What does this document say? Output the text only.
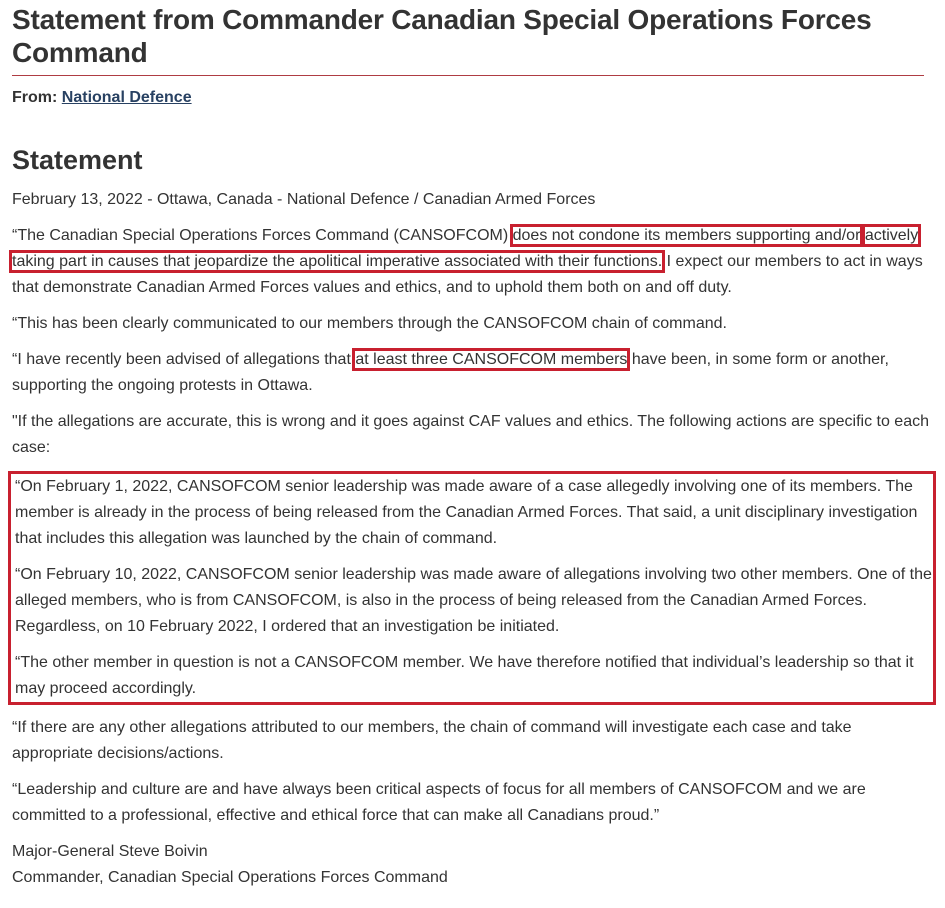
Statement from Commander Canadian Special Operations Forces Command
From: National Defence
Statement
February 13, 2022 - Ottawa, Canada - National Defence / Canadian Armed Forces

“The Canadian Special Operations Forces Command (CANSOFCOM) does not condone its members supporting and/or actively taking part in causes that jeopardize the apolitical imperative associated with their functions. I expect our members to act in ways that demonstrate Canadian Armed Forces values and ethics, and to uphold them both on and off duty.

“This has been clearly communicated to our members through the CANSOFCOM chain of command.

“I have recently been advised of allegations that at least three CANSOFCOM members have been, in some form or another, supporting the ongoing protests in Ottawa.

"If the allegations are accurate, this is wrong and it goes against CAF values and ethics. The following actions are specific to each case:

“On February 1, 2022, CANSOFCOM senior leadership was made aware of a case allegedly involving one of its members. The member is already in the process of being released from the Canadian Armed Forces. That said, a unit disciplinary investigation that includes this allegation was launched by the chain of command.

“On February 10, 2022, CANSOFCOM senior leadership was made aware of allegations involving two other members. One of the alleged members, who is from CANSOFCOM, is also in the process of being released from the Canadian Armed Forces. Regardless, on 10 February 2022, I ordered that an investigation be initiated.

“The other member in question is not a CANSOFCOM member. We have therefore notified that individual’s leadership so that it may proceed accordingly.

“If there are any other allegations attributed to our members, the chain of command will investigate each case and take appropriate decisions/actions.

“Leadership and culture are and have always been critical aspects of focus for all members of CANSOFCOM and we are committed to a professional, effective and ethical force that can make all Canadians proud.”

Major-General Steve Boivin
Commander, Canadian Special Operations Forces Command
